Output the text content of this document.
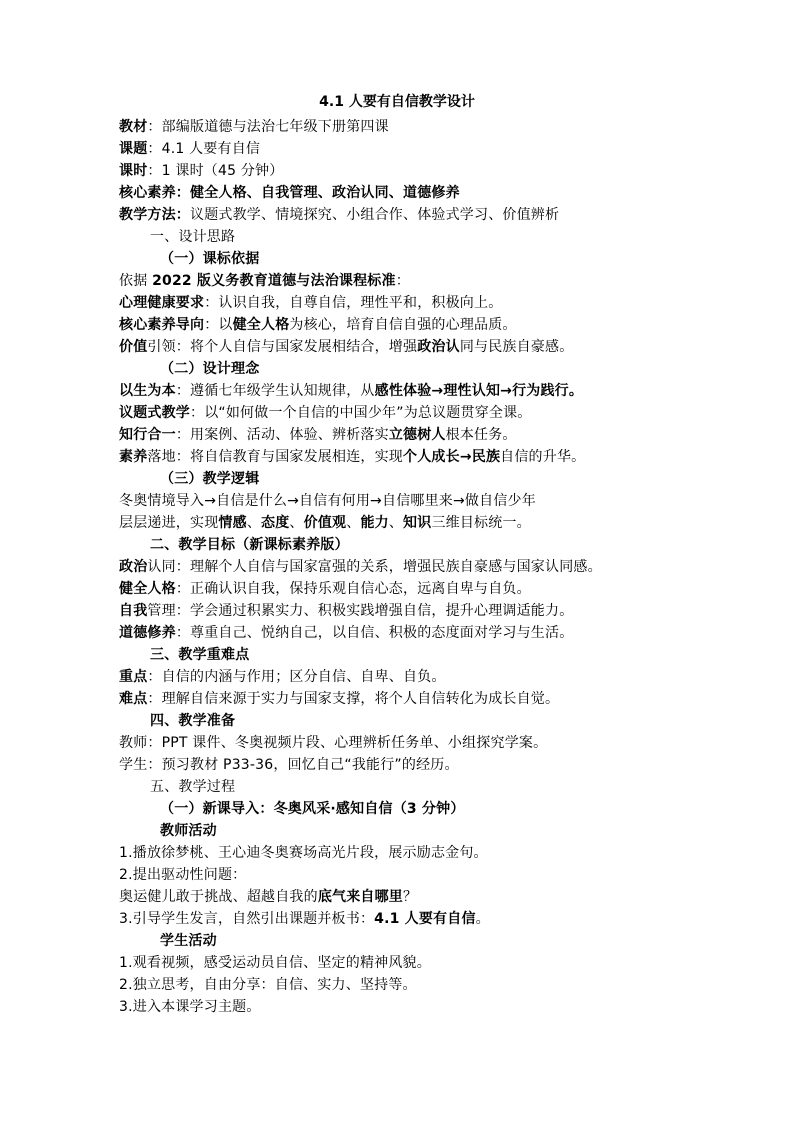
4.1 人要有自信教学设计
教材：部编版道德与法治七年级下册第四课
课题：4.1 人要有自信
课时：1 课时（45 分钟）
核心素养：健全人格、自我管理、政治认同、道德修养
教学方法：议题式教学、情境探究、小组合作、体验式学习、价值辨析
一、设计思路
（一）课标依据
依据 2022 版义务教育道德与法治课程标准：
心理健康要求：认识自我，自尊自信，理性平和，积极向上。
核心素养导向：以健全人格为核心，培育自信自强的心理品质。
价值引领：将个人自信与国家发展相结合，增强政治认同与民族自豪感。
（二）设计理念
以生为本：遵循七年级学生认知规律，从感性体验→理性认知→行为践行。
议题式教学：以“如何做一个自信的中国少年”为总议题贯穿全课。
知行合一：用案例、活动、体验、辨析落实立德树人根本任务。
素养落地：将自信教育与国家发展相连，实现个人成长→民族自信的升华。
（三）教学逻辑
冬奥情境导入→自信是什么→自信有何用→自信哪里来→做自信少年
层层递进，实现情感、态度、价值观、能力、知识三维目标统一。
二、教学目标（新课标素养版）
政治认同：理解个人自信与国家富强的关系，增强民族自豪感与国家认同感。
健全人格：正确认识自我，保持乐观自信心态，远离自卑与自负。
自我管理：学会通过积累实力、积极实践增强自信，提升心理调适能力。
道德修养：尊重自己、悦纳自己，以自信、积极的态度面对学习与生活。
三、教学重难点
重点：自信的内涵与作用；区分自信、自卑、自负。
难点：理解自信来源于实力与国家支撑，将个人自信转化为成长自觉。
四、教学准备
教师：PPT 课件、冬奥视频片段、心理辨析任务单、小组探究学案。
学生：预习教材 P33-36，回忆自己“我能行”的经历。
五、教学过程
（一）新课导入：冬奥风采·感知自信（3 分钟）
教师活动
1.播放徐梦桃、王心迪冬奥赛场高光片段，展示励志金句。
2.提出驱动性问题：
奥运健儿敢于挑战、超越自我的底气来自哪里？
3.引导学生发言，自然引出课题并板书：4.1 人要有自信。
学生活动
1.观看视频，感受运动员自信、坚定的精神风貌。
2.独立思考，自由分享：自信、实力、坚持等。
3.进入本课学习主题。
